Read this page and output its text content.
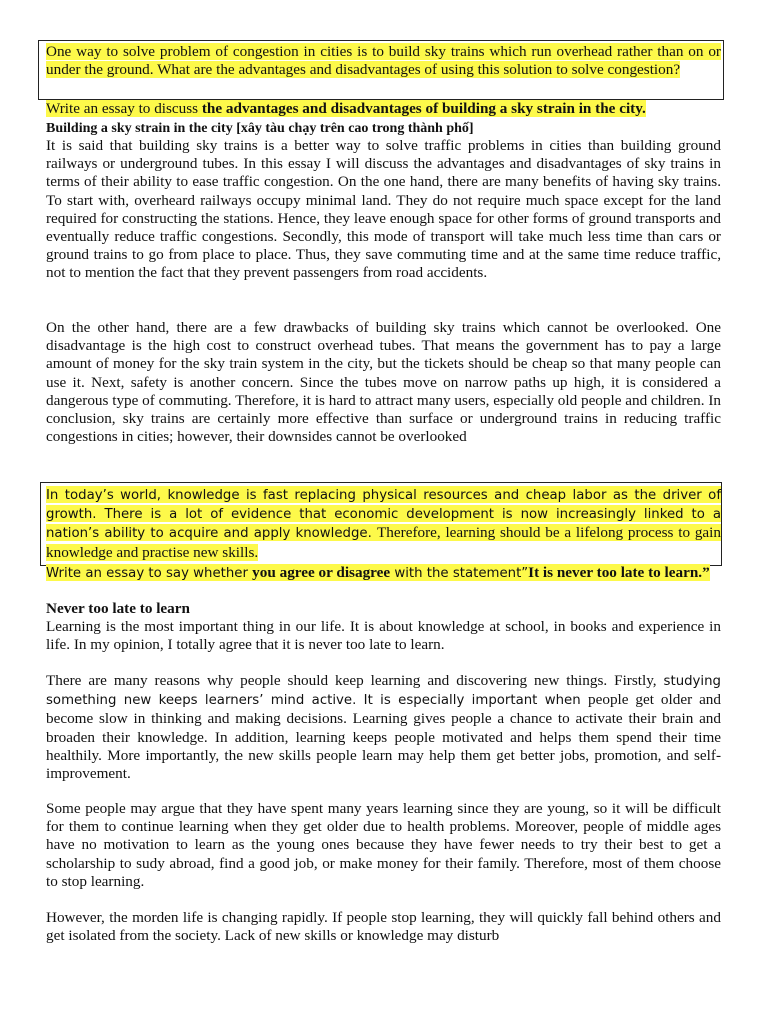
One way to solve problem of congestion in cities is to build sky trains which run overhead rather than on or under the ground. What are the advantages and disadvantages of using this solution to solve congestion?
Write an essay to discuss the advantages and disadvantages of building a sky strain in the city.
Building a sky strain in the city [xây tàu chạy trên cao trong thành phố]
It is said that building sky trains is a better way to solve traffic problems in cities than building ground railways or underground tubes. In this essay I will discuss the advantages and disadvantages of sky trains in terms of their ability to ease traffic congestion. On the one hand, there are many benefits of having sky trains. To start with, overheard railways occupy minimal land. They do not require much space except for the land required for constructing the stations. Hence, they leave enough space for other forms of ground transports and eventually reduce traffic congestions. Secondly, this mode of transport will take much less time than cars or ground trains to go from place to place. Thus, they save commuting time and at the same time reduce traffic, not to mention the fact that they prevent passengers from road accidents.
On the other hand, there are a few drawbacks of building sky trains which cannot be overlooked. One disadvantage is the high cost to construct overhead tubes. That means the government has to pay a large amount of money for the sky train system in the city, but the tickets should be cheap so that many people can use it. Next, safety is another concern. Since the tubes move on narrow paths up high, it is considered a dangerous type of commuting. Therefore, it is hard to attract many users, especially old people and children. In conclusion, sky trains are certainly more effective than surface or underground trains in reducing traffic congestions in cities; however, their downsides cannot be overlooked
In today’s world, knowledge is fast replacing physical resources and cheap labor as the driver of growth. There is a lot of evidence that economic development is now increasingly linked to a nation’s ability to acquire and apply knowledge. Therefore, learning should be a lifelong process to gain knowledge and practise new skills.
Write an essay to say whether you agree or disagree with the statement”It is never too late to learn.”
Never too late to learn
Learning is the most important thing in our life. It is about knowledge at school, in books and experience in life. In my opinion, I totally agree that it is never too late to learn.
There are many reasons why people should keep learning and discovering new things. Firstly, studying something new keeps learners’ mind active. It is especially important when people get older and become slow in thinking and making decisions. Learning gives people a chance to activate their brain and broaden their knowledge. In addition, learning keeps people motivated and helps them spend their time healthily. More importantly, the new skills people learn may help them get better jobs, promotion, and self-improvement.
Some people may argue that they have spent many years learning since they are young, so it will be difficult for them to continue learning when they get older due to health problems. Moreover, people of middle ages have no motivation to learn as the young ones because they have fewer needs to try their best to get a scholarship to sudy abroad, find a good job, or make money for their family. Therefore, most of them choose to stop learning.
However, the morden life is changing rapidly. If people stop learning, they will quickly fall behind others and get isolated from the society. Lack of new skills or knowledge may disturb
